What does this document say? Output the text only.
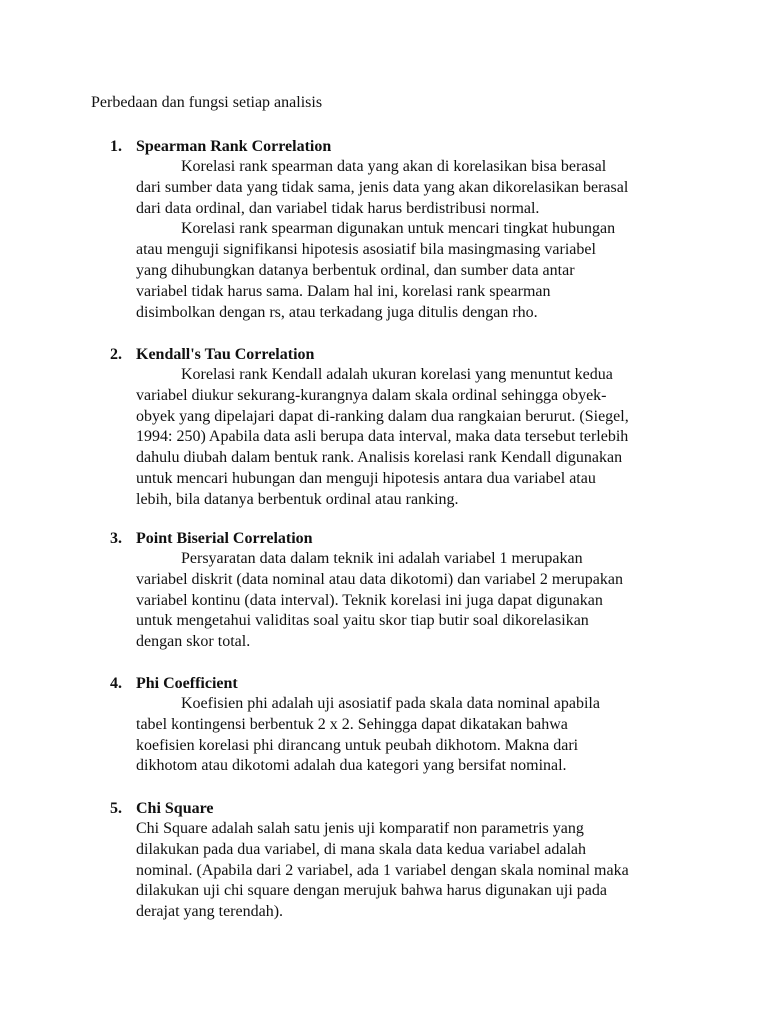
Perbedaan dan fungsi setiap analisis
1. Spearman Rank Correlation
Korelasi rank spearman data yang akan di korelasikan bisa berasal
dari sumber data yang tidak sama, jenis data yang akan dikorelasikan berasal
dari data ordinal, dan variabel tidak harus berdistribusi normal.
Korelasi rank spearman digunakan untuk mencari tingkat hubungan
atau menguji signifikansi hipotesis asosiatif bila masingmasing variabel
yang dihubungkan datanya berbentuk ordinal, dan sumber data antar
variabel tidak harus sama. Dalam hal ini, korelasi rank spearman
disimbolkan dengan rs, atau terkadang juga ditulis dengan rho.
2. Kendall's Tau Correlation
Korelasi rank Kendall adalah ukuran korelasi yang menuntut kedua
variabel diukur sekurang-kurangnya dalam skala ordinal sehingga obyek-
obyek yang dipelajari dapat di-ranking dalam dua rangkaian berurut. (Siegel,
1994: 250) Apabila data asli berupa data interval, maka data tersebut terlebih
dahulu diubah dalam bentuk rank. Analisis korelasi rank Kendall digunakan
untuk mencari hubungan dan menguji hipotesis antara dua variabel atau
lebih, bila datanya berbentuk ordinal atau ranking.
3. Point Biserial Correlation
Persyaratan data dalam teknik ini adalah variabel 1 merupakan
variabel diskrit (data nominal atau data dikotomi) dan variabel 2 merupakan
variabel kontinu (data interval). Teknik korelasi ini juga dapat digunakan
untuk mengetahui validitas soal yaitu skor tiap butir soal dikorelasikan
dengan skor total.
4. Phi Coefficient
Koefisien phi adalah uji asosiatif pada skala data nominal apabila
tabel kontingensi berbentuk 2 x 2. Sehingga dapat dikatakan bahwa
koefisien korelasi phi dirancang untuk peubah dikhotom. Makna dari
dikhotom atau dikotomi adalah dua kategori yang bersifat nominal.
5. Chi Square
Chi Square adalah salah satu jenis uji komparatif non parametris yang
dilakukan pada dua variabel, di mana skala data kedua variabel adalah
nominal. (Apabila dari 2 variabel, ada 1 variabel dengan skala nominal maka
dilakukan uji chi square dengan merujuk bahwa harus digunakan uji pada
derajat yang terendah).
